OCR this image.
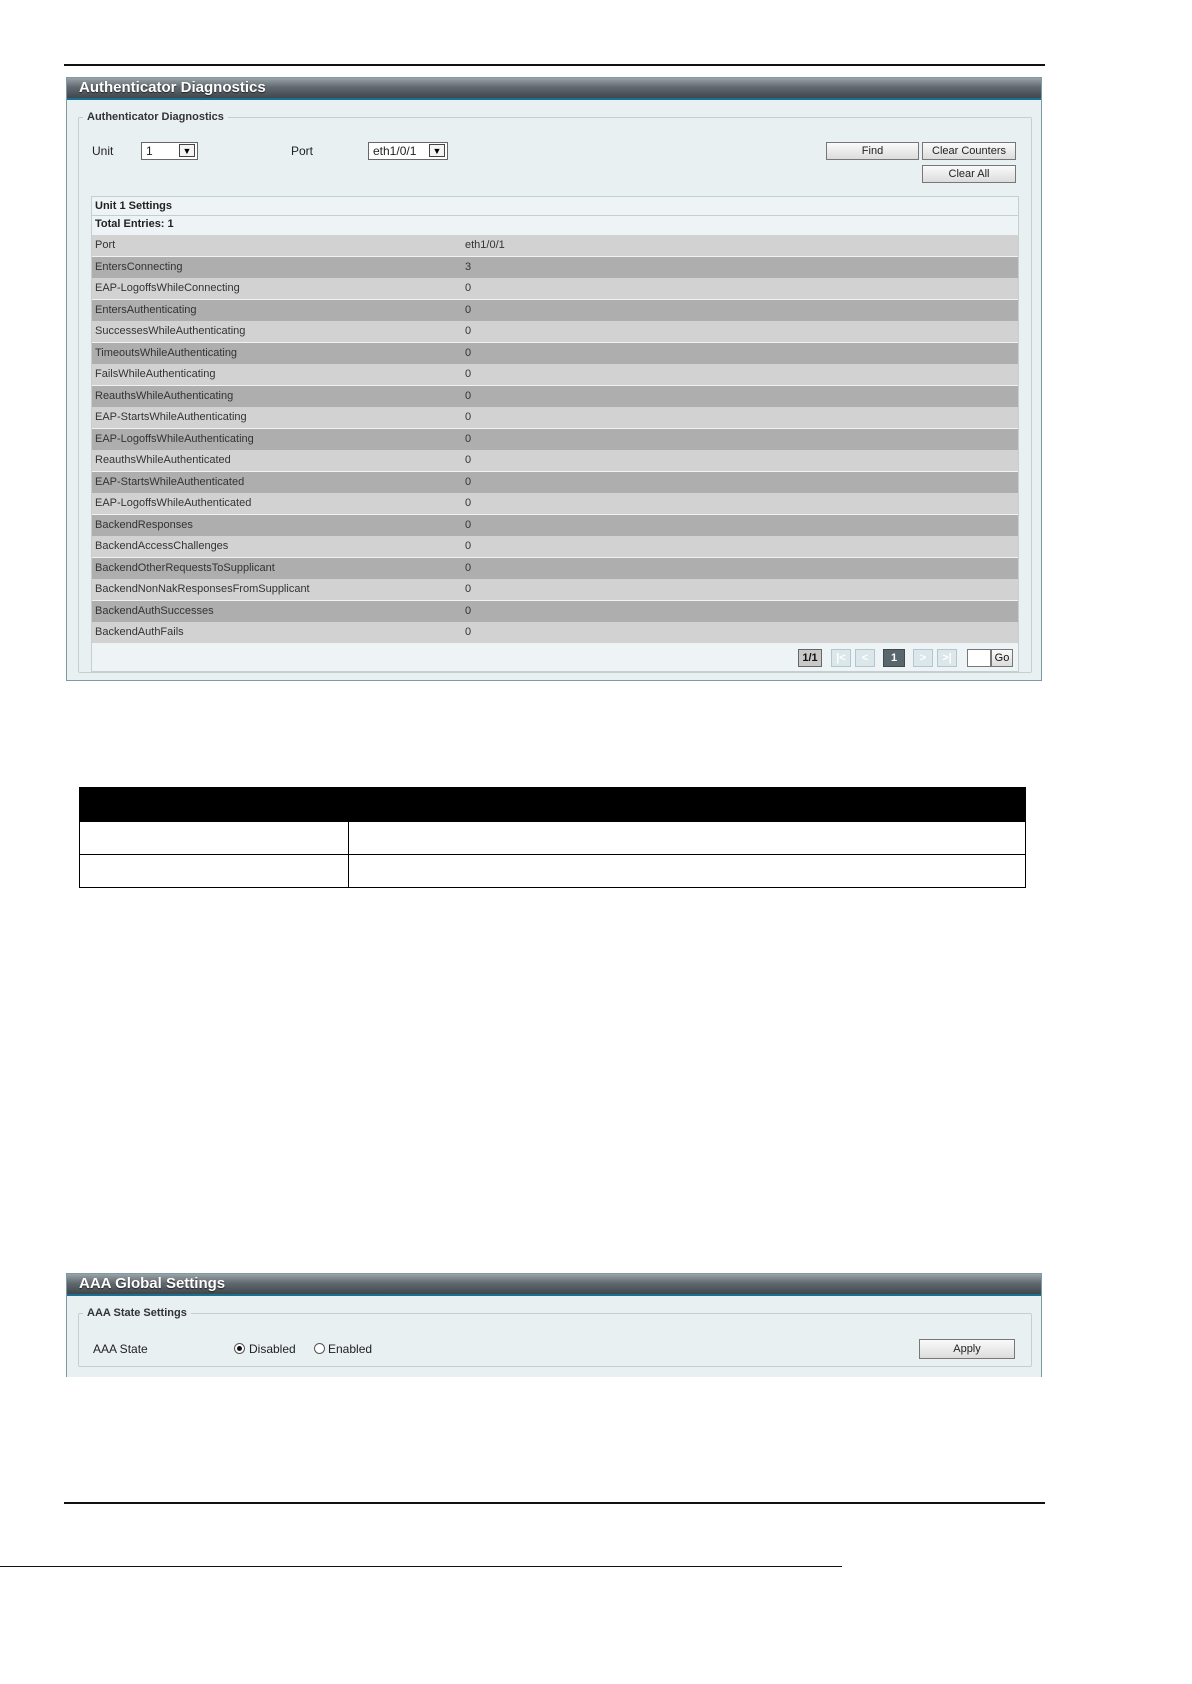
Authenticator Diagnostics
Authenticator Diagnostics
Unit	1	▼	Port	eth1/0/1	▼	Find	Clear Counters
Clear All
Unit 1 Settings
Total Entries: 1
Port	eth1/0/1
EntersConnecting	3
EAP-LogoffsWhileConnecting	0
EntersAuthenticating	0
SuccessesWhileAuthenticating	0
TimeoutsWhileAuthenticating	0
FailsWhileAuthenticating	0
ReauthsWhileAuthenticating	0
EAP-StartsWhileAuthenticating	0
EAP-LogoffsWhileAuthenticating	0
ReauthsWhileAuthenticated	0
EAP-StartsWhileAuthenticated	0
EAP-LogoffsWhileAuthenticated	0
BackendResponses	0
BackendAccessChallenges	0
BackendOtherRequestsToSupplicant	0
BackendNonNakResponsesFromSupplicant	0
BackendAuthSuccesses	0
BackendAuthFails	0
1/1	|<	<	1	>	>|	Go

AAA Global Settings
AAA State Settings
AAA State	Disabled	Enabled	Apply
